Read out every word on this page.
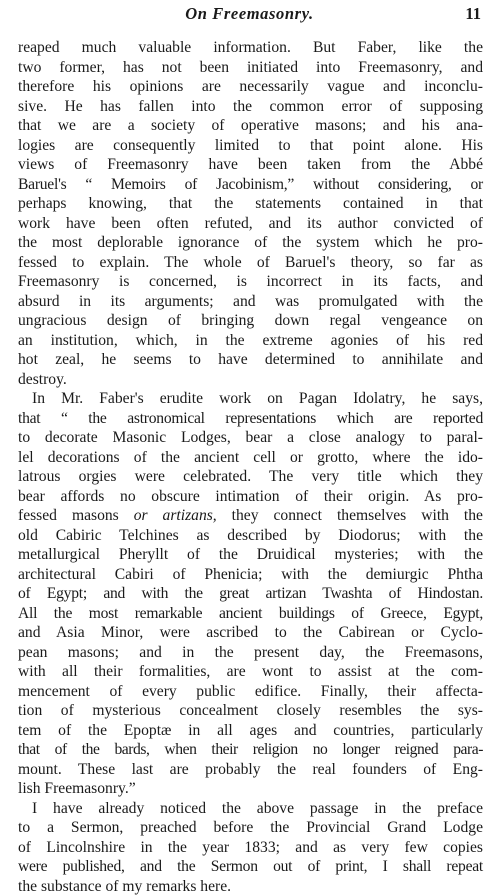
On Freemasonry.	11
reaped much valuable information. But Faber, like the
two former, has not been initiated into Freemasonry, and
therefore his opinions are necessarily vague and inconclu-
sive. He has fallen into the common error of supposing
that we are a society of operative masons; and his ana-
logies are consequently limited to that point alone. His
views of Freemasonry have been taken from the Abbé
Baruel's “ Memoirs of Jacobinism,” without considering, or
perhaps knowing, that the statements contained in that
work have been often refuted, and its author convicted of
the most deplorable ignorance of the system which he pro-
fessed to explain. The whole of Baruel's theory, so far as
Freemasonry is concerned, is incorrect in its facts, and
absurd in its arguments; and was promulgated with the
ungracious design of bringing down regal vengeance on
an institution, which, in the extreme agonies of his red
hot zeal, he seems to have determined to annihilate and
destroy.
In Mr. Faber's erudite work on Pagan Idolatry, he says,
that “ the astronomical representations which are reported
to decorate Masonic Lodges, bear a close analogy to paral-
lel decorations of the ancient cell or grotto, where the ido-
latrous orgies were celebrated. The very title which they
bear affords no obscure intimation of their origin. As pro-
fessed masons or artizans, they connect themselves with the
old Cabiric Telchines as described by Diodorus; with the
metallurgical Pheryllt of the Druidical mysteries; with the
architectural Cabiri of Phenicia; with the demiurgic Phtha
of Egypt; and with the great artizan Twashta of Hindostan.
All the most remarkable ancient buildings of Greece, Egypt,
and Asia Minor, were ascribed to the Cabirean or Cyclo-
pean masons; and in the present day, the Freemasons,
with all their formalities, are wont to assist at the com-
mencement of every public edifice. Finally, their affecta-
tion of mysterious concealment closely resembles the sys-
tem of the Epoptæ in all ages and countries, particularly
that of the bards, when their religion no longer reigned para-
mount. These last are probably the real founders of Eng-
lish Freemasonry.”
I have already noticed the above passage in the preface
to a Sermon, preached before the Provincial Grand Lodge
of Lincolnshire in the year 1833; and as very few copies
were published, and the Sermon out of print, I shall repeat
the substance of my remarks here.
